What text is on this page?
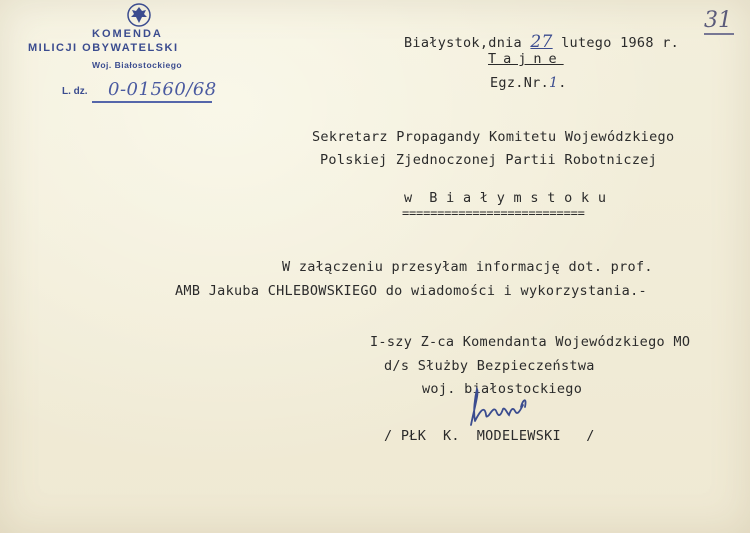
KOMENDA
MILICJI OBYWATELSKI
Woj. Białostockiego
L. dz. 0-01560/68
31
Białystok,dnia 27 lutego 1968 r.
Tajne
Egz.Nr.1.
Sekretarz Propagandy Komitetu Wojewódzkiego
Polskiej Zjednoczonej Partii Robotniczej
w  B i a ł y m s t o k u
==========================
W załączeniu przesyłam informację dot. prof.
AMB Jakuba CHLEBOWSKIEGO do wiadomości i wykorzystania.-
I-szy Z-ca Komendanta Wojewódzkiego MO
d/s Służby Bezpieczeństwa
woj. białostockiego
/ PŁK  K.  MODELEWSKI   /
